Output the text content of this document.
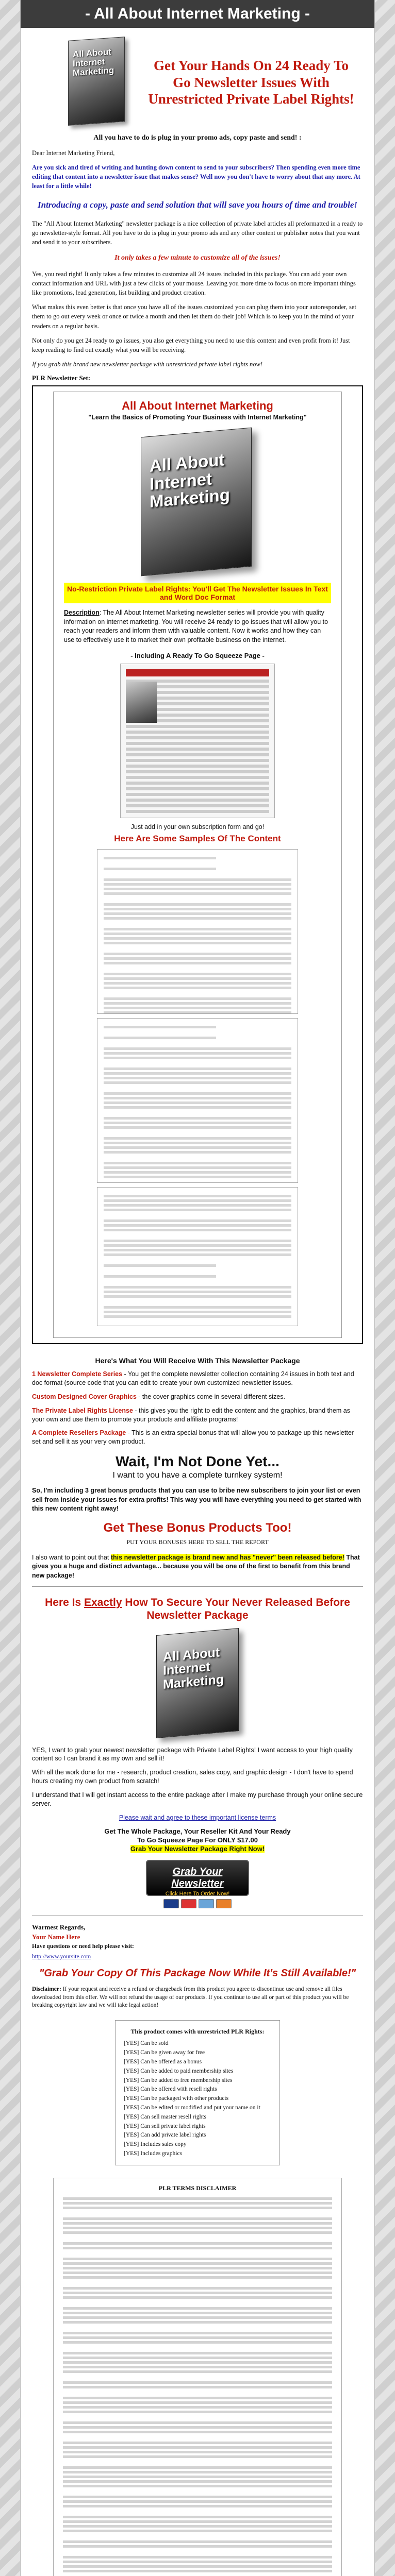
- All About Internet Marketing -
All About Internet Marketing	Get Your Hands On 24 Ready To Go Newsletter Issues With Unrestricted Private Label Rights!
All you have to do is plug in your promo ads, copy paste and send! :

Dear Internet Marketing Friend,

Are you sick and tired of writing and hunting down content to send to your subscribers? Then spending even more time editing that content into a newsletter issue that makes sense? Well now you don't have to worry about that any more. At least for a little while!

Introducing a copy, paste and send solution that will save you hours of time and trouble!

The "All About Internet Marketing" newsletter package is a nice collection of private label articles all preformatted in a ready to go newsletter-style format. All you have to do is plug in your promo ads and any other content or publisher notes that you want and send it to your subscribers.

It only takes a few minute to customize all of the issues!

Yes, you read right! It only takes a few minutes to customize all 24 issues included in this package. You can add your own contact information and URL with just a few clicks of your mouse. Leaving you more time to focus on more important things like promotions, lead generation, list building and product creation.

What makes this even better is that once you have all of the issues customized you can plug them into your autoresponder, set them to go out every week or once or twice a month and then let them do their job! Which is to keep you in the mind of your readers on a regular basis.

Not only do you get 24 ready to go issues, you also get everything you need to use this content and even profit from it! Just keep reading to find out exactly what you will be receiving.

If you grab this brand new newsletter package with unrestricted private label rights now!

PLR Newsletter Set:
All About Internet Marketing
"Learn the Basics of Promoting Your Business with Internet Marketing"
All About Internet Marketing
No-Restriction Private Label Rights: You'll Get The Newsletter Issues In Text and Word Doc Format

Description: The All About Internet Marketing newsletter series will provide you with quality information on internet marketing. You will receive 24 ready to go issues that will allow you to reach your readers and inform them with valuable content. Now it works and how they can use to effectively use it to market their own profitable business on the internet.

- Including A Ready To Go Squeeze Page -
Just add in your own subscription form and go!
Here Are Some Samples Of The Content
Here's What You Will Receive With This Newsletter Package

1 Newsletter Complete Series - You get the complete newsletter collection containing 24 issues in both text and doc format (source code that you can edit to create your own customized newsletter issues.

Custom Designed Cover Graphics - the cover graphics come in several different sizes.

The Private Label Rights License - this gives you the right to edit the content and the graphics, brand them as your own and use them to promote your products and affiliate programs!

A Complete Resellers Package - This is an extra special bonus that will allow you to package up this newsletter set and sell it as your very own product.

Wait, I'm Not Done Yet...
I want to you have a complete turnkey system!

So, I'm including 3 great bonus products that you can use to bribe new subscribers to join your list or even sell from inside your issues for extra profits! This way you will have everything you need to get started with this new content right away!

Get These Bonus Products Too!
PUT YOUR BONUSES HERE TO SELL THE REPORT

I also want to point out that this newsletter package is brand new and has "never" been released before! That gives you a huge and distinct advantage... because you will be one of the first to benefit from this brand new package!

Here Is Exactly How To Secure Your Never Released Before Newsletter Package
All About Internet Marketing

YES, I want to grab your newest newsletter package with Private Label Rights! I want access to your high quality content so I can brand it as my own and sell it!

With all the work done for me - research, product creation, sales copy, and graphic design - I don't have to spend hours creating my own product from scratch!

I understand that I will get instant access to the entire package after I make my purchase through your online secure server.

Please wait and agree to these important license terms

Get The Whole Package, Your Reseller Kit And Your Ready
To Go Squeeze Page For ONLY $17.00
Grab Your Newsletter Package Right Now!
Grab Your Newsletter
Click Here To Order Now!
Warmest Regards,
Your Name Here
Have questions or need help please visit:
http://www.yoursite.com
"Grab Your Copy Of This Package Now While It's Still Available!"

Disclaimer: If your request and receive a refund or chargeback from this product you agree to discontinue use and remove all files downloaded from this offer. We will not refund the usage of our products. If you continue to use all or part of this product you will be breaking copyright law and we will take legal action!

This product comes with unrestricted PLR Rights:
[YES] Can be sold
[YES] Can be given away for free
[YES] Can be offered as a bonus
[YES] Can be added to paid membership sites
[YES] Can be added to free membership sites
[YES] Can be offered with resell rights
[YES] Can be packaged with other products
[YES] Can be edited or modified and put your name on it
[YES] Can sell master resell rights
[YES] Can sell private label rights
[YES] Can add private label rights
[YES] Includes sales copy
[YES] Includes graphics
PLR TERMS DISCLAIMER
